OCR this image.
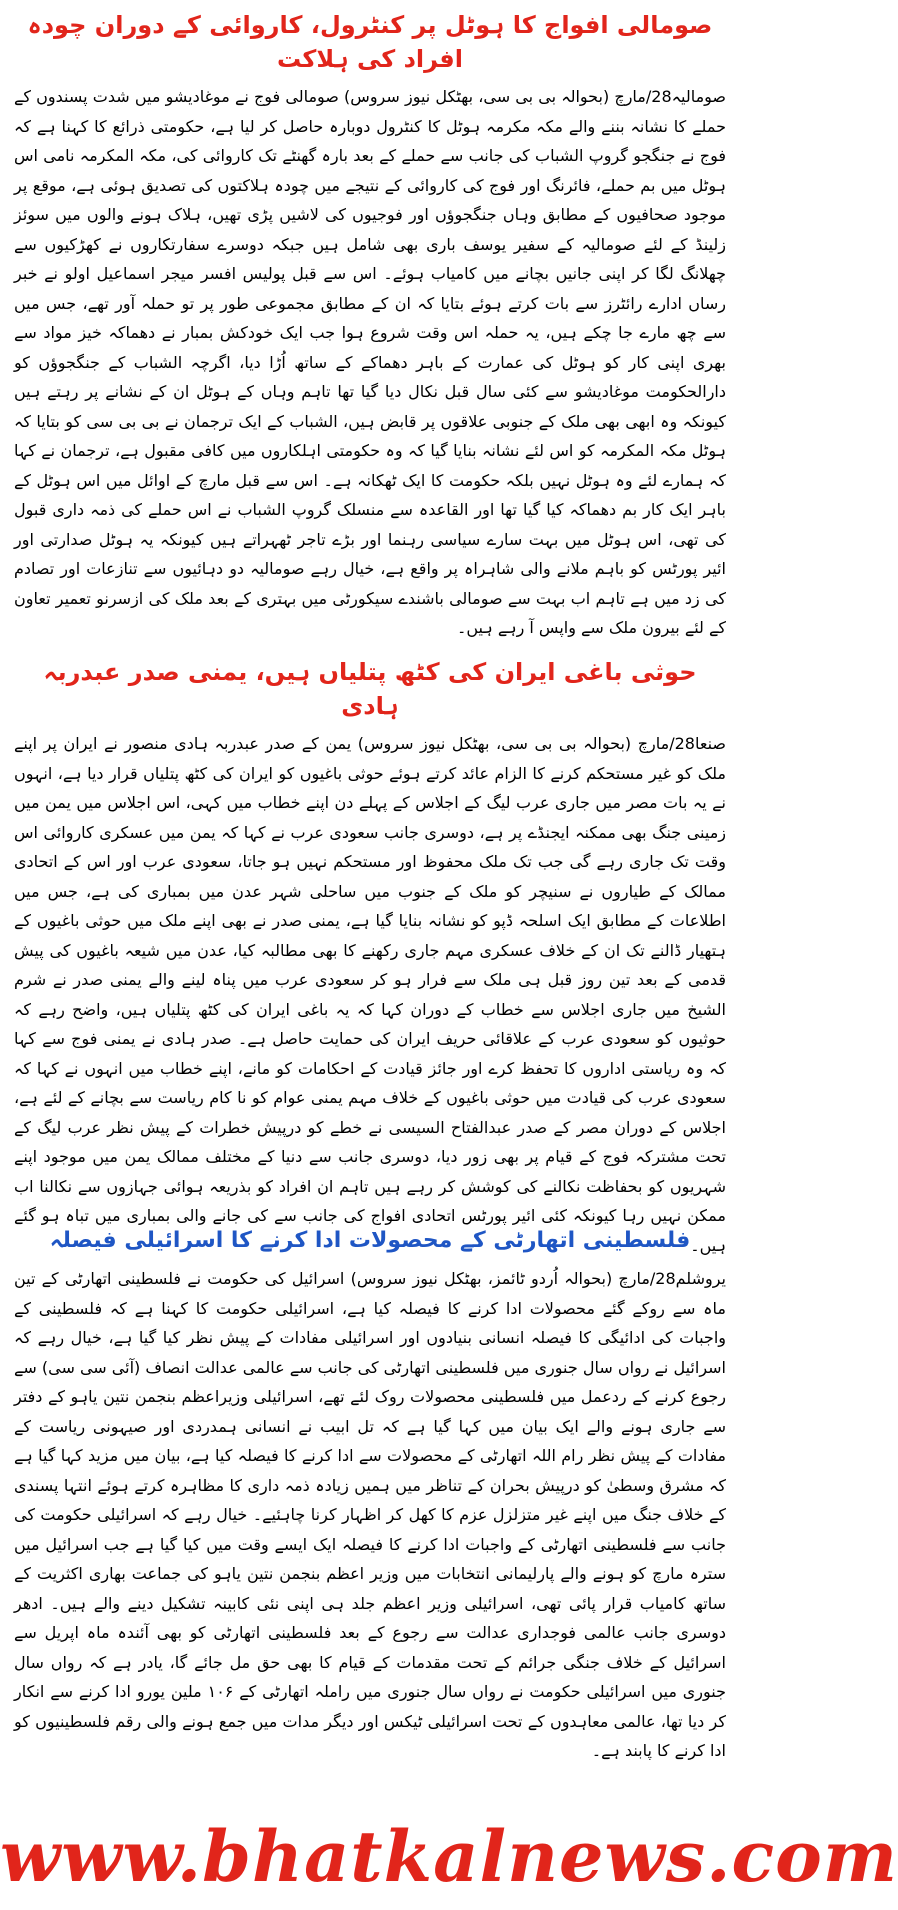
صومالی افواج کا ہوٹل پر کنٹرول، کاروائی کے دوران چودہ افراد کی ہلاکت

صومالیہ28/مارچ (بحوالہ بی بی سی، بھٹکل نیوز سروس) صومالی فوج نے موغادیشو میں شدت پسندوں کے حملے کا نشانہ بننے والے مکہ مکرمہ ہوٹل کا کنٹرول دوبارہ حاصل کر لیا ہے، حکومتی ذرائع کا کہنا ہے کہ فوج نے جنگجو گروپ الشباب کی جانب سے حملے کے بعد بارہ گھنٹے تک کاروائی کی، مکہ المکرمہ نامی اس ہوٹل میں بم حملے، فائرنگ اور فوج کی کاروائی کے نتیجے میں چودہ ہلاکتوں کی تصدیق ہوئی ہے، موقع پر موجود صحافیوں کے مطابق وہاں جنگجوؤں اور فوجیوں کی لاشیں پڑی تھیں، ہلاک ہونے والوں میں سوئز زلینڈ کے لئے صومالیہ کے سفیر یوسف باری بھی شامل ہیں جبکہ دوسرے سفارتکاروں نے کھڑکیوں سے چھلانگ لگا کر اپنی جانیں بچانے میں کامیاب ہوئے۔ اس سے قبل پولیس افسر میجر اسماعیل اولو نے خبر رساں ادارے رائٹرز سے بات کرتے ہوئے بتایا کہ ان کے مطابق مجموعی طور پر تو حملہ آور تھے، جس میں سے چھ مارے جا چکے ہیں، یہ حملہ اس وقت شروع ہوا جب ایک خودکش بمبار نے دھماکہ خیز مواد سے بھری اپنی کار کو ہوٹل کی عمارت کے باہر دھماکے کے ساتھ اُڑا دیا، اگرچہ الشباب کے جنگجوؤں کو دارالحکومت موغادیشو سے کئی سال قبل نکال دیا گیا تھا تاہم وہاں کے ہوٹل ان کے نشانے پر رہتے ہیں کیونکہ وہ ابھی بھی ملک کے جنوبی علاقوں پر قابض ہیں، الشباب کے ایک ترجمان نے بی بی سی کو بتایا کہ ہوٹل مکہ المکرمہ کو اس لئے نشانہ بنایا گیا کہ وہ حکومتی اہلکاروں میں کافی مقبول ہے، ترجمان نے کہا کہ ہمارے لئے وہ ہوٹل نہیں بلکہ حکومت کا ایک ٹھکانہ ہے۔ اس سے قبل مارچ کے اوائل میں اس ہوٹل کے باہر ایک کار بم دھماکہ کیا گیا تھا اور القاعدہ سے منسلک گروپ الشباب نے اس حملے کی ذمہ داری قبول کی تھی، اس ہوٹل میں بہت سارے سیاسی رہنما اور بڑے تاجر ٹھہراتے ہیں کیونکہ یہ ہوٹل صدارتی اور ائیر پورٹس کو باہم ملانے والی شاہراہ پر واقع ہے، خیال رہے صومالیہ دو دہائیوں سے تنازعات اور تصادم کی زد میں ہے تاہم اب بہت سے صومالی باشندے سیکورٹی میں بہتری کے بعد ملک کی ازسرنو تعمیر تعاون کے لئے بیرون ملک سے واپس آ رہے ہیں۔

حوثی باغی ایران کی کٹھ پتلیاں ہیں، یمنی صدر عبدربہ ہادی

صنعا28/مارچ (بحوالہ بی بی سی، بھٹکل نیوز سروس) یمن کے صدر عبدربہ ہادی منصور نے ایران پر اپنے ملک کو غیر مستحکم کرنے کا الزام عائد کرتے ہوئے حوثی باغیوں کو ایران کی کٹھ پتلیاں قرار دیا ہے، انہوں نے یہ بات مصر میں جاری عرب لیگ کے اجلاس کے پہلے دن اپنے خطاب میں کہی، اس اجلاس میں یمن میں زمینی جنگ بھی ممکنہ ایجنڈے پر ہے، دوسری جانب سعودی عرب نے کہا کہ یمن میں عسکری کاروائی اس وقت تک جاری رہے گی جب تک ملک محفوظ اور مستحکم نہیں ہو جاتا، سعودی عرب اور اس کے اتحادی ممالک کے طیاروں نے سنیچر کو ملک کے جنوب میں ساحلی شہر عدن میں بمباری کی ہے، جس میں اطلاعات کے مطابق ایک اسلحہ ڈپو کو نشانہ بنایا گیا ہے، یمنی صدر نے بھی اپنے ملک میں حوثی باغیوں کے ہتھیار ڈالنے تک ان کے خلاف عسکری مہم جاری رکھنے کا بھی مطالبہ کیا، عدن میں شیعہ باغیوں کی پیش قدمی کے بعد تین روز قبل ہی ملک سے فرار ہو کر سعودی عرب میں پناہ لینے والے یمنی صدر نے شرم الشیخ میں جاری اجلاس سے خطاب کے دوران کہا کہ یہ باغی ایران کی کٹھ پتلیاں ہیں، واضح رہے کہ حوثیوں کو سعودی عرب کے علاقائی حریف ایران کی حمایت حاصل ہے۔ صدر ہادی نے یمنی فوج سے کہا کہ وہ ریاستی اداروں کا تحفظ کرے اور جائز قیادت کے احکامات کو مانے، اپنے خطاب میں انہوں نے کہا کہ سعودی عرب کی قیادت میں حوثی باغیوں کے خلاف مہم یمنی عوام کو نا کام ریاست سے بچانے کے لئے ہے، اجلاس کے دوران مصر کے صدر عبدالفتاح السیسی نے خطے کو درپیش خطرات کے پیش نظر عرب لیگ کے تحت مشترکہ فوج کے قیام پر بھی زور دیا، دوسری جانب سے دنیا کے مختلف ممالک یمن میں موجود اپنے شہریوں کو بحفاظت نکالنے کی کوشش کر رہے ہیں تاہم ان افراد کو بذریعہ ہوائی جہازوں سے نکالنا اب ممکن نہیں رہا کیونکہ کئی ائیر پورٹس اتحادی افواج کی جانب سے کی جانے والی بمباری میں تباہ ہو گئے ہیں۔

فلسطینی اتھارٹی کے محصولات ادا کرنے کا اسرائیلی فیصلہ

یروشلم28/مارچ (بحوالہ اُردو ٹائمز، بھٹکل نیوز سروس) اسرائیل کی حکومت نے فلسطینی اتھارٹی کے تین ماہ سے روکے گئے محصولات ادا کرنے کا فیصلہ کیا ہے، اسرائیلی حکومت کا کہنا ہے کہ فلسطینی کے واجبات کی ادائیگی کا فیصلہ انسانی بنیادوں اور اسرائیلی مفادات کے پیش نظر کیا گیا ہے، خیال رہے کہ اسرائیل نے رواں سال جنوری میں فلسطینی اتھارٹی کی جانب سے عالمی عدالت انصاف (آئی سی سی) سے رجوع کرنے کے ردعمل میں فلسطینی محصولات روک لئے تھے، اسرائیلی وزیراعظم بنجمن نتین یاہو کے دفتر سے جاری ہونے والے ایک بیان میں کہا گیا ہے کہ تل ابیب نے انسانی ہمدردی اور صیہونی ریاست کے مفادات کے پیش نظر رام اللہ اتھارٹی کے محصولات سے ادا کرنے کا فیصلہ کیا ہے، بیان میں مزید کہا گیا ہے کہ مشرق وسطیٰ کو درپیش بحران کے تناظر میں ہمیں زیادہ ذمہ داری کا مظاہرہ کرتے ہوئے انتہا پسندی کے خلاف جنگ میں اپنے غیر متزلزل عزم کا کھل کر اظہار کرنا چاہئیے۔ خیال رہے کہ اسرائیلی حکومت کی جانب سے فلسطینی اتھارٹی کے واجبات ادا کرنے کا فیصلہ ایک ایسے وقت میں کیا گیا ہے جب اسرائیل میں سترہ مارچ کو ہونے والے پارلیمانی انتخابات میں وزیر اعظم بنجمن نتین یاہو کی جماعت بھاری اکثریت کے ساتھ کامیاب قرار پائی تھی، اسرائیلی وزیر اعظم جلد ہی اپنی نئی کابینہ تشکیل دینے والے ہیں۔ ادھر دوسری جانب عالمی فوجداری عدالت سے رجوع کے بعد فلسطینی اتھارٹی کو بھی آئندہ ماہ اپریل سے اسرائیل کے خلاف جنگی جرائم کے تحت مقدمات کے قیام کا بھی حق مل جائے گا، یادر ہے کہ رواں سال جنوری میں اسرائیلی حکومت نے رواں سال جنوری میں راملہ اتھارٹی کے ۱۰۶ ملین یورو ادا کرنے سے انکار کر دیا تھا، عالمی معاہدوں کے تحت اسرائیلی ٹیکس اور دیگر مدات میں جمع ہونے والی رقم فلسطینیوں کو ادا کرنے کا پابند ہے۔

www.bhatkalnews.com
